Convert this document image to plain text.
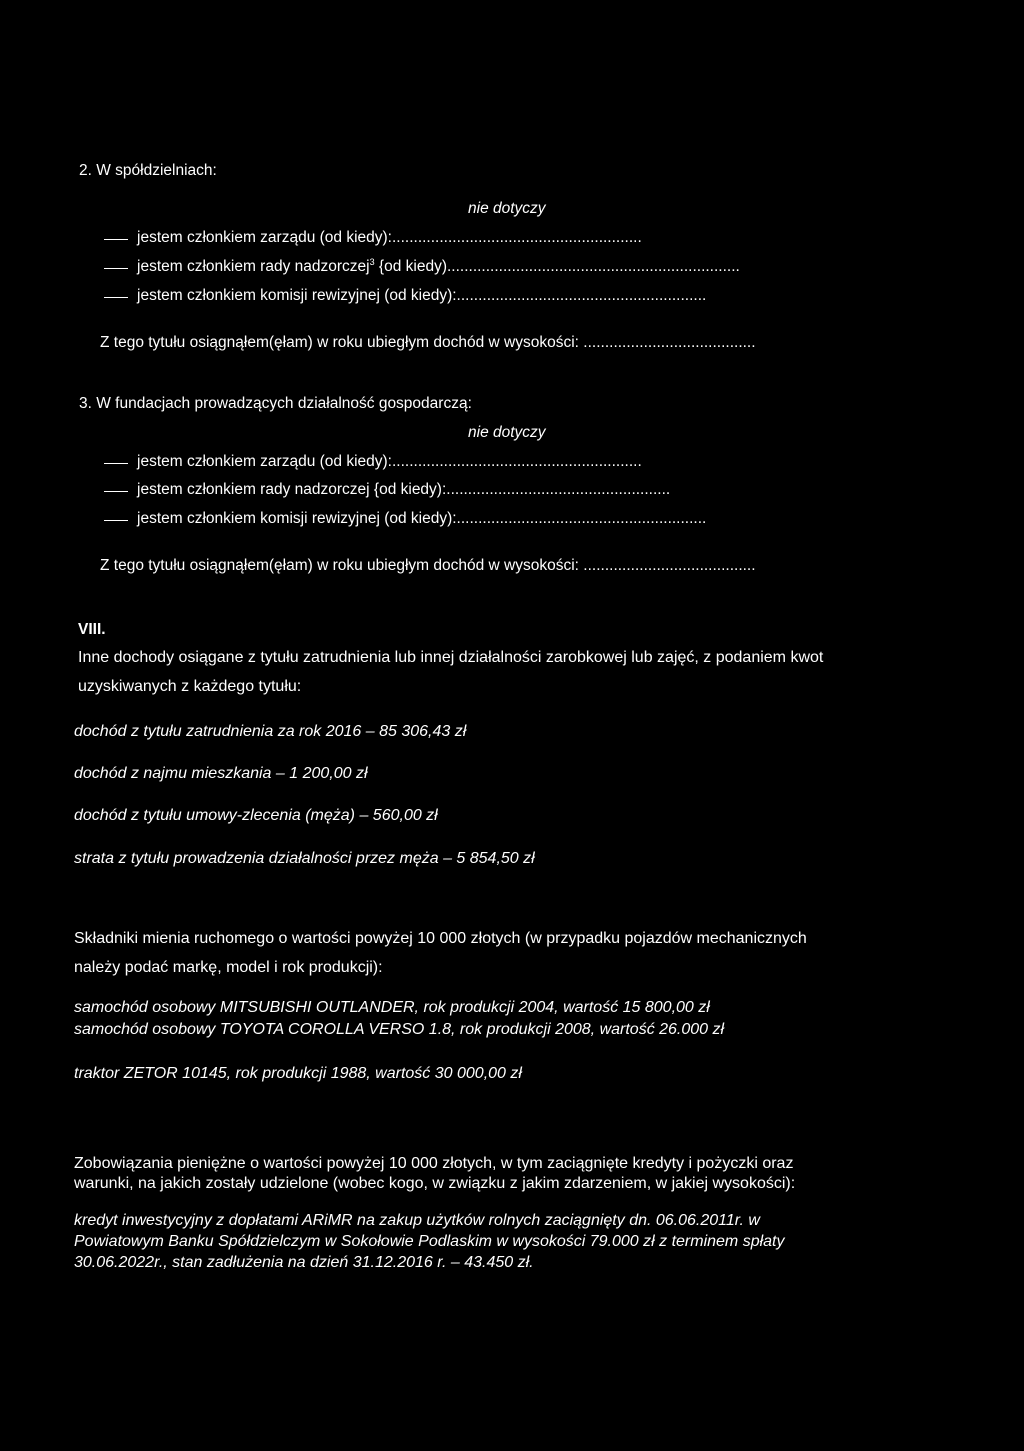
2. W spółdzielniach:
nie dotyczy
jestem członkiem zarządu (od kiedy):..........................................................
jestem członkiem rady nadzorczej$^3$ {od kiedy)....................................................................
jestem członkiem komisji rewizyjnej (od kiedy):..........................................................
Z tego tytułu osiągnąłem(ęłam) w roku ubiegłym dochód w wysokości: ........................................
3. W fundacjach prowadzących działalność gospodarczą:
nie dotyczy
jestem członkiem zarządu (od kiedy):..........................................................
jestem członkiem rady nadzorczej {od kiedy):....................................................
jestem członkiem komisji rewizyjnej (od kiedy):..........................................................
Z tego tytułu osiągnąłem(ęłam) w roku ubiegłym dochód w wysokości: ........................................
VIII.
Inne dochody osiągane z tytułu zatrudnienia lub innej działalności zarobkowej lub zajęć, z podaniem kwot
uzyskiwanych z każdego tytułu:
dochód z tytułu zatrudnienia za rok 2016 – 85 306,43 zł
dochód z najmu mieszkania – 1 200,00 zł
dochód z tytułu umowy-zlecenia (męża) – 560,00 zł
strata z tytułu prowadzenia działalności przez męża – 5 854,50 zł
Składniki mienia ruchomego o wartości powyżej 10 000 złotych (w przypadku pojazdów mechanicznych
należy podać markę, model i rok produkcji):
samochód osobowy MITSUBISHI OUTLANDER, rok produkcji 2004, wartość 15 800,00 zł
samochód osobowy TOYOTA COROLLA VERSO 1.8, rok produkcji 2008, wartość 26.000 zł
traktor ZETOR 10145, rok produkcji 1988, wartość 30 000,00 zł
Zobowiązania pieniężne o wartości powyżej 10 000 złotych, w tym zaciągnięte kredyty i pożyczki oraz
warunki, na jakich zostały udzielone (wobec kogo, w związku z jakim zdarzeniem, w jakiej wysokości):
kredyt inwestycyjny z dopłatami ARiMR na zakup użytków rolnych zaciągnięty dn. 06.06.2011r. w
Powiatowym Banku Spółdzielczym w Sokołowie Podlaskim w wysokości 79.000 zł z terminem spłaty
30.06.2022r., stan zadłużenia na dzień 31.12.2016 r. – 43.450 zł.
